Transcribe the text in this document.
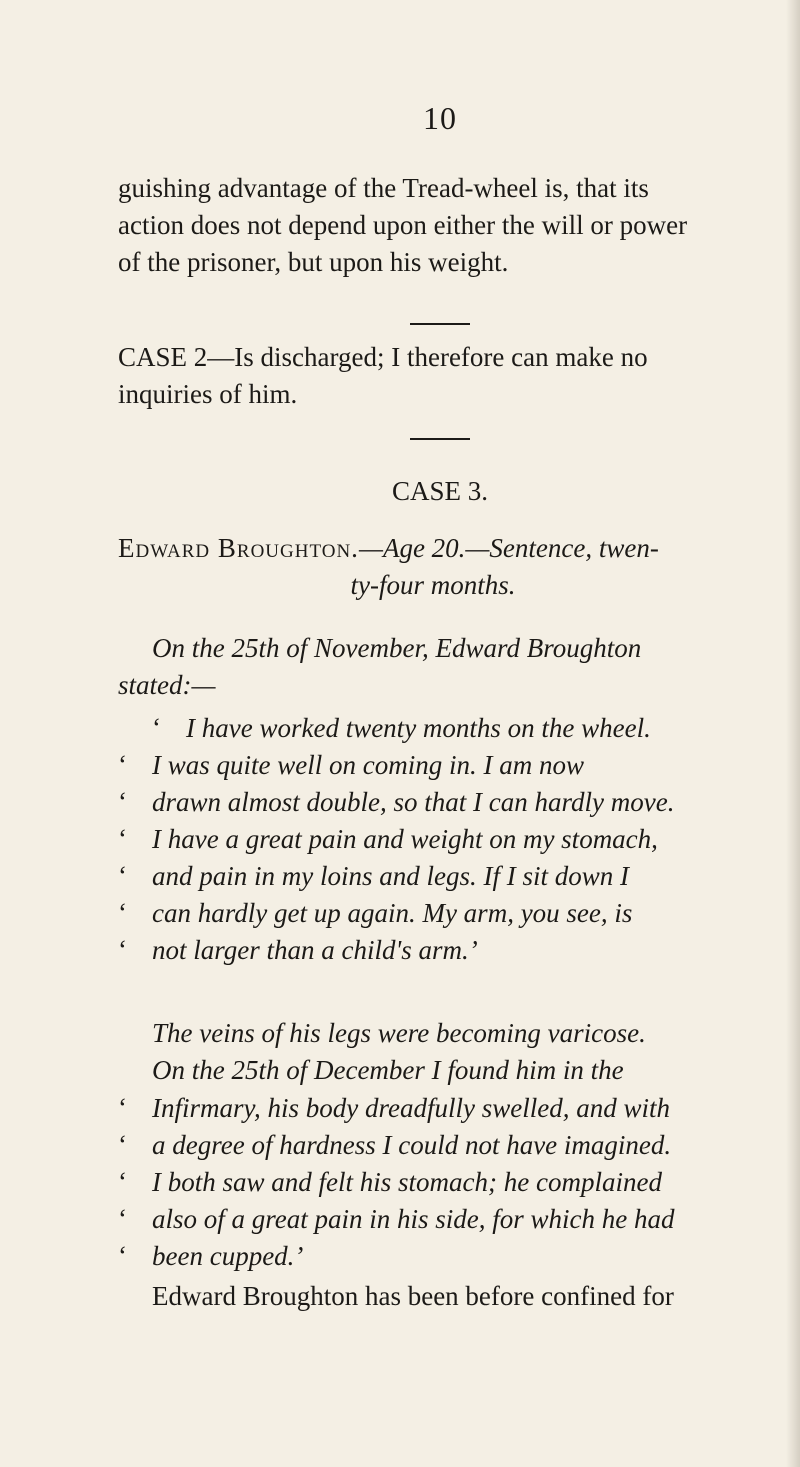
10
guishing advantage of the Tread-wheel is, that its
action does not depend upon either the will or power
of the prisoner, but upon his weight.
CASE 2—Is discharged; I therefore can make no
inquiries of him.
CASE 3.
Edward Broughton.—Age 20.—Sentence, twen-
ty-four months.
On the 25th of November, Edward Broughton
stated:—
‘ I have worked twenty months on the wheel.
‘ I was quite well on coming in. I am now
‘ drawn almost double, so that I can hardly move.
‘ I have a great pain and weight on my stomach,
‘ and pain in my loins and legs. If I sit down I
‘ can hardly get up again. My arm, you see, is
‘ not larger than a child's arm.’
The veins of his legs were becoming varicose.
On the 25th of December I found him in the
‘ Infirmary, his body dreadfully swelled, and with
‘ a degree of hardness I could not have imagined.
‘ I both saw and felt his stomach; he complained
‘ also of a great pain in his side, for which he had
‘ been cupped.’
Edward Broughton has been before confined for
